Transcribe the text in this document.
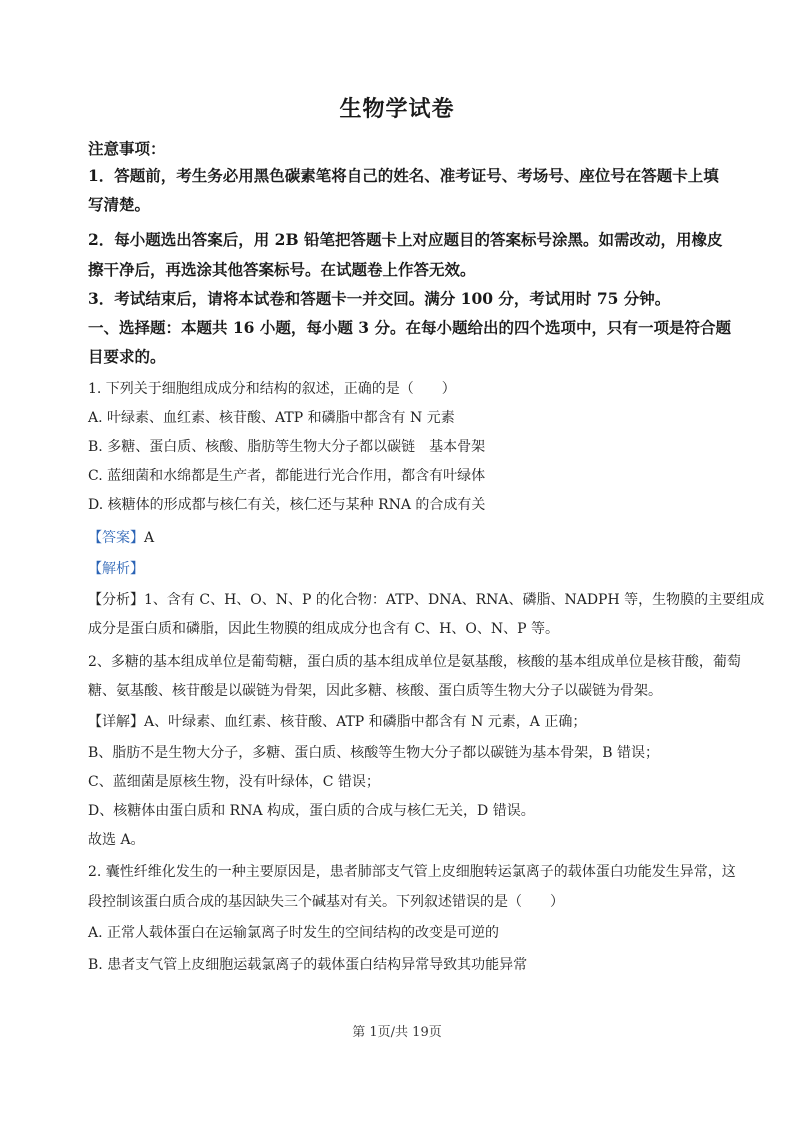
生物学试卷
注意事项：
1．答题前，考生务必用黑色碳素笔将自己的姓名、准考证号、考场号、座位号在答题卡上填
写清楚。
2．每小题选出答案后，用 2B 铅笔把答题卡上对应题目的答案标号涂黑。如需改动，用橡皮
擦干净后，再选涂其他答案标号。在试题卷上作答无效。
3．考试结束后，请将本试卷和答题卡一并交回。满分 100 分，考试用时 75 分钟。
一、选择题：本题共 16 小题，每小题 3 分。在每小题给出的四个选项中，只有一项是符合题
目要求的。
1. 下列关于细胞组成成分和结构的叙述，正确的是（　　）
A. 叶绿素、血红素、核苷酸、ATP 和磷脂中都含有 N 元素
B. 多糖、蛋白质、核酸、脂肪等生物大分子都以碳链　基本骨架
C. 蓝细菌和水绵都是生产者，都能进行光合作用，都含有叶绿体
D. 核糖体的形成都与核仁有关，核仁还与某种 RNA 的合成有关
【答案】A
【解析】
【分析】1、含有 C、H、O、N、P 的化合物：ATP、DNA、RNA、磷脂、NADPH 等，生物膜的主要组成
成分是蛋白质和磷脂，因此生物膜的组成成分也含有 C、H、O、N、P 等。
2、多糖的基本组成单位是葡萄糖，蛋白质的基本组成单位是氨基酸，核酸的基本组成单位是核苷酸，葡萄
糖、氨基酸、核苷酸是以碳链为骨架，因此多糖、核酸、蛋白质等生物大分子以碳链为骨架。
【详解】A、叶绿素、血红素、核苷酸、ATP 和磷脂中都含有 N 元素，A 正确；
B、脂肪不是生物大分子，多糖、蛋白质、核酸等生物大分子都以碳链为基本骨架，B 错误；
C、蓝细菌是原核生物，没有叶绿体，C 错误；
D、核糖体由蛋白质和 RNA 构成，蛋白质的合成与核仁无关，D 错误。
故选 A。
2. 囊性纤维化发生的一种主要原因是，患者肺部支气管上皮细胞转运氯离子的载体蛋白功能发生异常，这
段控制该蛋白质合成的基因缺失三个碱基对有关。下列叙述错误的是（　　）
A. 正常人载体蛋白在运输氯离子时发生的空间结构的改变是可逆的
B. 患者支气管上皮细胞运载氯离子的载体蛋白结构异常导致其功能异常
第 1页/共 19页
